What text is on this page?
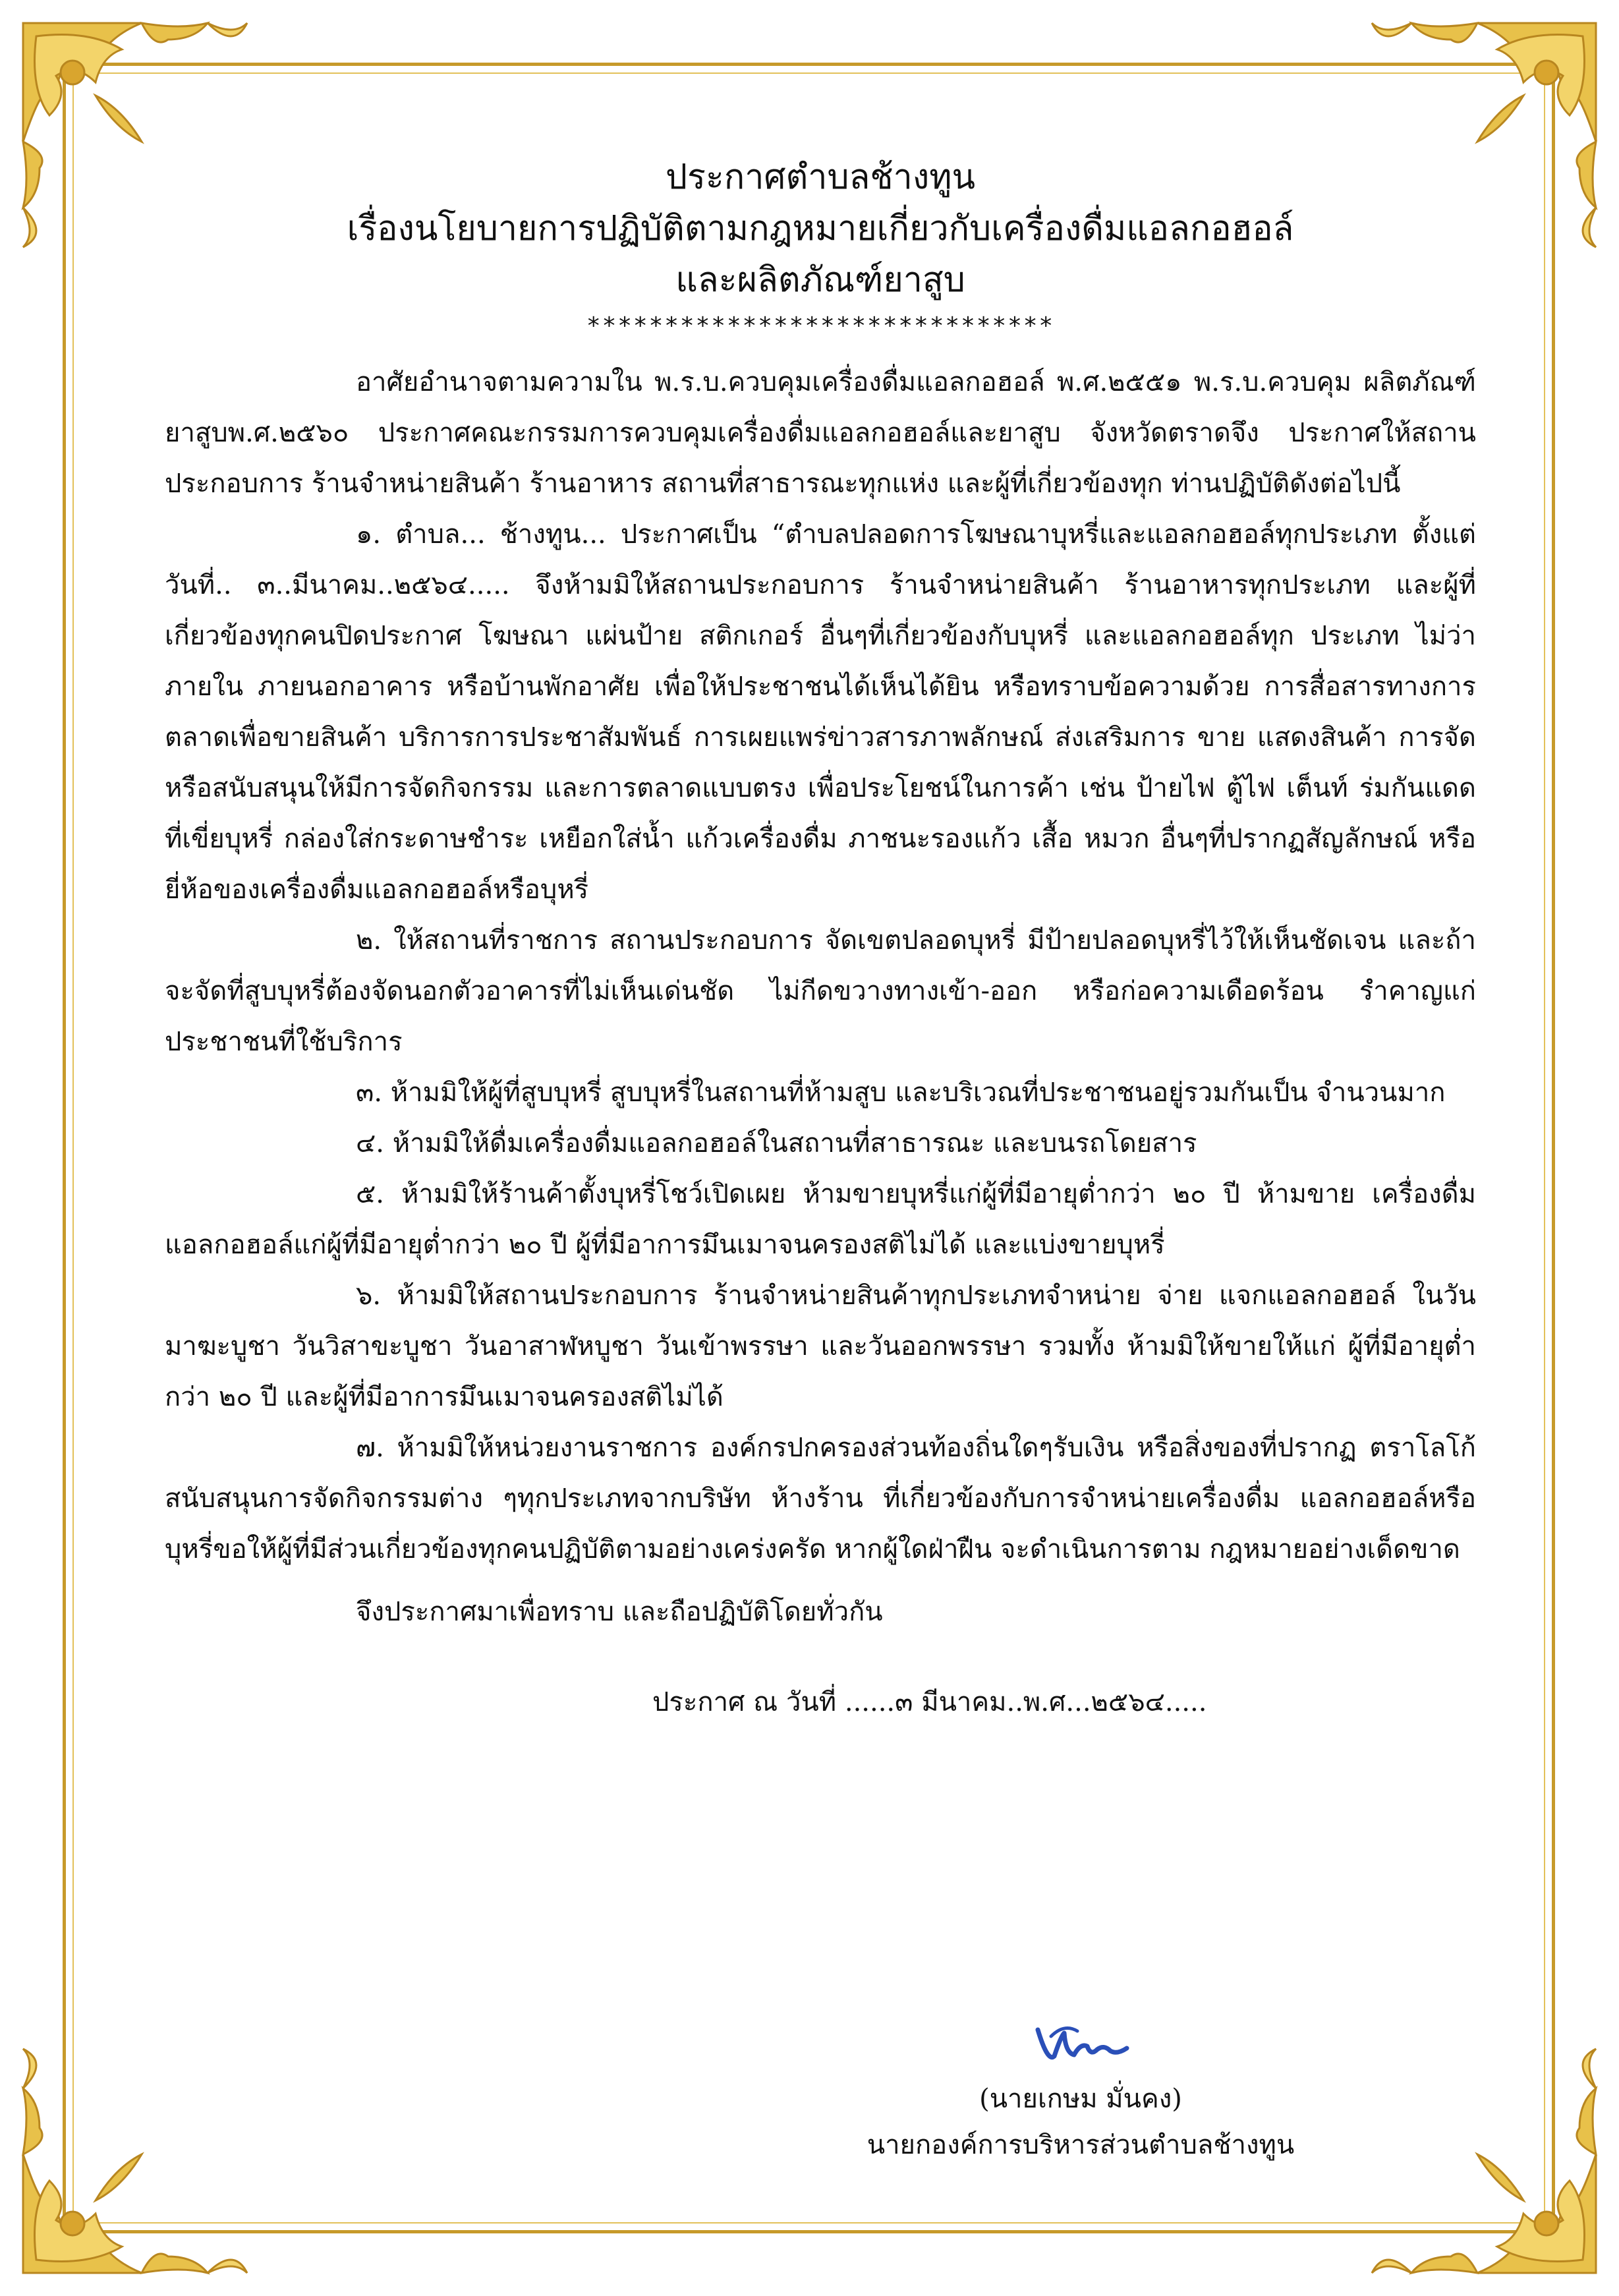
ประกาศตำบลช้างทูน
เรื่องนโยบายการปฏิบัติตามกฎหมายเกี่ยวกับเครื่องดื่มแอลกอฮอล์
และผลิตภัณฑ์ยาสูบ
******************************

อาศัยอำนาจตามความใน พ.ร.บ.ควบคุมเครื่องดื่มแอลกอฮอล์ พ.ศ.๒๕๕๑ พ.ร.บ.ควบคุม ผลิตภัณฑ์ยาสูบพ.ศ.๒๕๖๐ ประกาศคณะกรรมการควบคุมเครื่องดื่มแอลกอฮอล์และยาสูบ จังหวัดตราดจึง ประกาศให้สถานประกอบการ ร้านจำหน่ายสินค้า ร้านอาหาร สถานที่สาธารณะทุกแห่ง และผู้ที่เกี่ยวข้องทุก ท่านปฏิบัติดังต่อไปนี้

๑. ตำบล... ช้างทูน... ประกาศเป็น “ตำบลปลอดการโฆษณาบุหรี่และแอลกอฮอล์ทุกประเภท ตั้งแต่วันที่.. ๓..มีนาคม..๒๕๖๔..... จึงห้ามมิให้สถานประกอบการ ร้านจำหน่ายสินค้า ร้านอาหารทุกประเภท และผู้ที่เกี่ยวข้องทุกคนปิดประกาศ โฆษณา แผ่นป้าย สติกเกอร์ อื่นๆที่เกี่ยวข้องกับบุหรี่ และแอลกอฮอล์ทุก ประเภท ไม่ว่าภายใน ภายนอกอาคาร หรือบ้านพักอาศัย เพื่อให้ประชาชนได้เห็นได้ยิน หรือทราบข้อความด้วย การสื่อสารทางการตลาดเพื่อขายสินค้า บริการการประชาสัมพันธ์ การเผยแพร่ข่าวสารภาพลักษณ์ ส่งเสริมการ ขาย แสดงสินค้า การจัดหรือสนับสนุนให้มีการจัดกิจกรรม และการตลาดแบบตรง เพื่อประโยชน์ในการค้า เช่น ป้ายไฟ ตู้ไฟ เต็นท์ ร่มกันแดด ที่เขี่ยบุหรี่ กล่องใส่กระดาษชำระ เหยือกใส่น้ำ แก้วเครื่องดื่ม ภาชนะรองแก้ว เสื้อ หมวก อื่นๆที่ปรากฏสัญลักษณ์ หรือยี่ห้อของเครื่องดื่มแอลกอฮอล์หรือบุหรี่

๒. ให้สถานที่ราชการ สถานประกอบการ จัดเขตปลอดบุหรี่ มีป้ายปลอดบุหรี่ไว้ให้เห็นชัดเจน และถ้าจะจัดที่สูบบุหรี่ต้องจัดนอกตัวอาคารที่ไม่เห็นเด่นชัด ไม่กีดขวางทางเข้า-ออก หรือก่อความเดือดร้อน รำคาญแก่ประชาชนที่ใช้บริการ

๓. ห้ามมิให้ผู้ที่สูบบุหรี่ สูบบุหรี่ในสถานที่ห้ามสูบ และบริเวณที่ประชาชนอยู่รวมกันเป็น จำนวนมาก

๔. ห้ามมิให้ดื่มเครื่องดื่มแอลกอฮอล์ในสถานที่สาธารณะ และบนรถโดยสาร

๕. ห้ามมิให้ร้านค้าตั้งบุหรี่โชว์เปิดเผย ห้ามขายบุหรี่แก่ผู้ที่มีอายุต่ำกว่า ๒๐ ปี ห้ามขาย เครื่องดื่มแอลกอฮอล์แก่ผู้ที่มีอายุต่ำกว่า ๒๐ ปี ผู้ที่มีอาการมึนเมาจนครองสติไม่ได้ และแบ่งขายบุหรี่

๖. ห้ามมิให้สถานประกอบการ ร้านจำหน่ายสินค้าทุกประเภทจำหน่าย จ่าย แจกแอลกอฮอล์ ในวันมาฆะบูชา วันวิสาขะบูชา วันอาสาฬหบูชา วันเข้าพรรษา และวันออกพรรษา รวมทั้ง ห้ามมิให้ขายให้แก่ ผู้ที่มีอายุต่ำกว่า ๒๐ ปี และผู้ที่มีอาการมึนเมาจนครองสติไม่ได้

๗. ห้ามมิให้หน่วยงานราชการ องค์กรปกครองส่วนท้องถิ่นใดๆรับเงิน หรือสิ่งของที่ปรากฏ ตราโลโก้สนับสนุนการจัดกิจกรรมต่าง ๆทุกประเภทจากบริษัท ห้างร้าน ที่เกี่ยวข้องกับการจำหน่ายเครื่องดื่ม แอลกอฮอล์หรือบุหรี่ขอให้ผู้ที่มีส่วนเกี่ยวข้องทุกคนปฏิบัติตามอย่างเคร่งครัด หากผู้ใดฝ่าฝืน จะดำเนินการตาม กฎหมายอย่างเด็ดขาด

จึงประกาศมาเพื่อทราบ และถือปฏิบัติโดยทั่วกัน

ประกาศ ณ วันที่ ......๓ มีนาคม..พ.ศ...๒๕๖๔.....

(นายเกษม มั่นคง)
นายกองค์การบริหารส่วนตำบลช้างทูน
